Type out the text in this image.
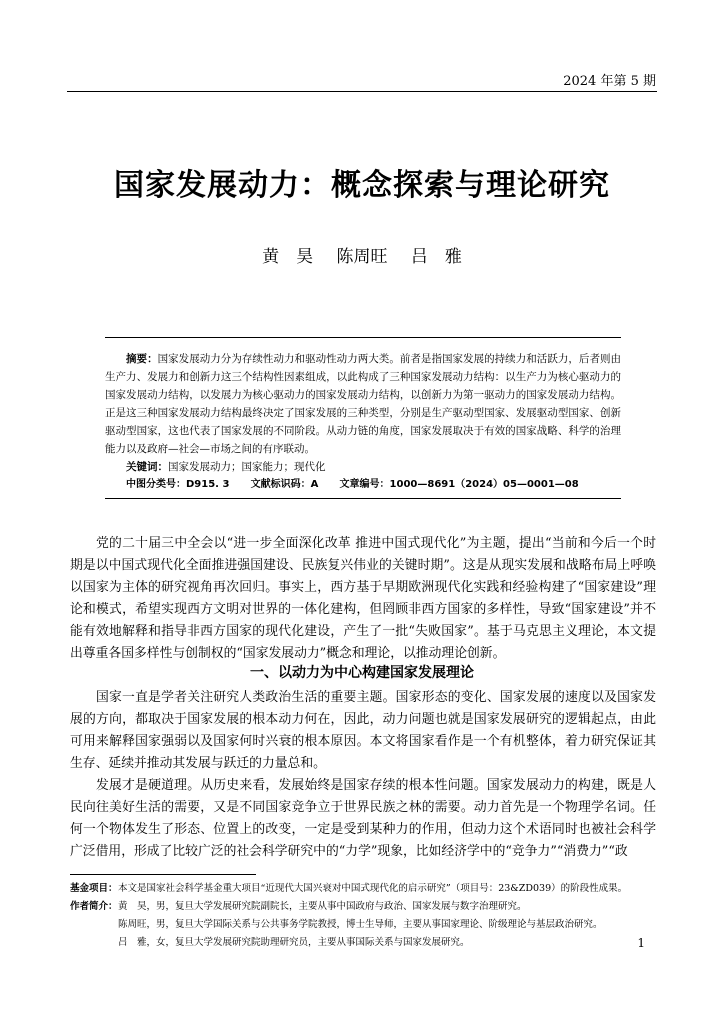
2024 年第 5 期
国家发展动力：概念探索与理论研究
黄　昊 陈周旺 吕　雅

摘要：国家发展动力分为存续性动力和驱动性动力两大类。前者是指国家发展的持续力和活跃力，后者则由生产力、发展力和创新力这三个结构性因素组成，以此构成了三种国家发展动力结构：以生产力为核心驱动力的国家发展动力结构，以发展力为核心驱动力的国家发展动力结构，以创新力为第一驱动力的国家发展动力结构。正是这三种国家发展动力结构最终决定了国家发展的三种类型，分别是生产驱动型国家、发展驱动型国家、创新驱动型国家，这也代表了国家发展的不同阶段。从动力链的角度，国家发展取决于有效的国家战略、科学的治理能力以及政府—社会—市场之间的有序联动。

关键词：国家发展动力；国家能力；现代化

中图分类号：D915. 3 文献标识码：A 文章编号：1000—8691（2024）05—0001—08

党的二十届三中全会以“进一步全面深化改革 推进中国式现代化”为主题，提出“当前和今后一个时期是以中国式现代化全面推进强国建设、民族复兴伟业的关键时期”。这是从现实发展和战略布局上呼唤以国家为主体的研究视角再次回归。事实上，西方基于早期欧洲现代化实践和经验构建了“国家建设”理论和模式，希望实现西方文明对世界的一体化建构，但罔顾非西方国家的多样性，导致“国家建设”并不能有效地解释和指导非西方国家的现代化建设，产生了一批“失败国家”。基于马克思主义理论，本文提出尊重各国多样性与创制权的“国家发展动力”概念和理论，以推动理论创新。

一、以动力为中心构建国家发展理论

国家一直是学者关注研究人类政治生活的重要主题。国家形态的变化、国家发展的速度以及国家发展的方向，都取决于国家发展的根本动力何在，因此，动力问题也就是国家发展研究的逻辑起点，由此可用来解释国家强弱以及国家何时兴衰的根本原因。本文将国家看作是一个有机整体，着力研究保证其生存、延续并推动其发展与跃迁的力量总和。

发展才是硬道理。从历史来看，发展始终是国家存续的根本性问题。国家发展动力的构建，既是人民向往美好生活的需要，又是不同国家竞争立于世界民族之林的需要。动力首先是一个物理学名词。任何一个物体发生了形态、位置上的改变，一定是受到某种力的作用，但动力这个术语同时也被社会科学广泛借用，形成了比较广泛的社会科学研究中的“力学”现象，比如经济学中的“竞争力”“消费力”“政

基金项目： 本文是国家社会科学基金重大项目“近现代大国兴衰对中国式现代化的启示研究”（项目号：23&ZD039）的阶段性成果。
作者简介： 黄　昊，男，复旦大学发展研究院副院长，主要从事中国政府与政治、国家发展与数字治理研究。
陈周旺，男，复旦大学国际关系与公共事务学院教授，博士生导师，主要从事国家理论、阶级理论与基层政治研究。
吕　雅，女，复旦大学发展研究院助理研究员，主要从事国际关系与国家发展研究。	1
